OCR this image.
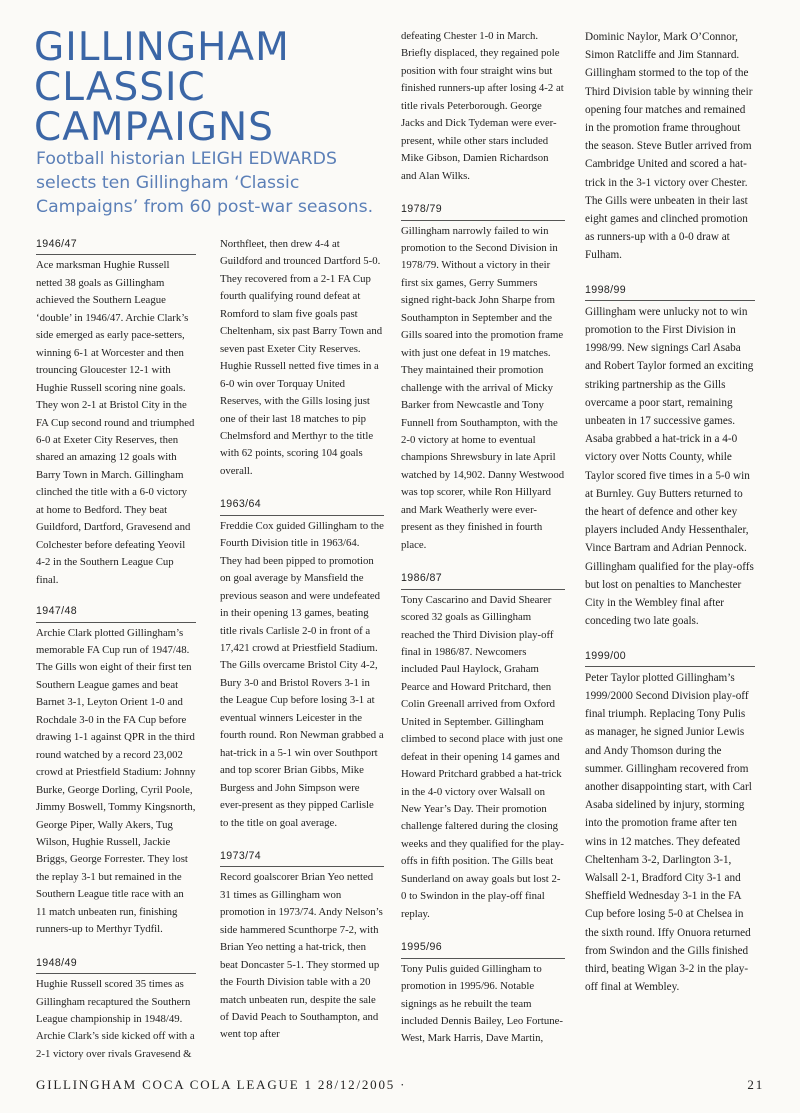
GILLINGHAM CLASSIC CAMPAIGNS

Football historian LEIGH EDWARDS selects ten Gillingham ‘Classic Campaigns’ from 60 post-war seasons.

1946/47

Ace marksman Hughie Russell netted 38 goals as Gillingham achieved the Southern League ‘double’ in 1946/47. Archie Clark’s side emerged as early pace-setters, winning 6-1 at Worcester and then trouncing Gloucester 12-1 with Hughie Russell scoring nine goals. They won 2-1 at Bristol City in the FA Cup second round and triumphed 6-0 at Exeter City Reserves, then shared an amazing 12 goals with Barry Town in March. Gillingham clinched the title with a 6-0 victory at home to Bedford. They beat Guildford, Dartford, Gravesend and Colchester before defeating Yeovil 4-2 in the Southern League Cup final.

1947/48

Archie Clark plotted Gillingham’s memorable FA Cup run of 1947/48. The Gills won eight of their first ten Southern League games and beat Barnet 3-1, Leyton Orient 1-0 and Rochdale 3-0 in the FA Cup before drawing 1-1 against QPR in the third round watched by a record 23,002 crowd at Priestfield Stadium: Johnny Burke, George Dorling, Cyril Poole, Jimmy Boswell, Tommy Kingsnorth, George Piper, Wally Akers, Tug Wilson, Hughie Russell, Jackie Briggs, George Forrester. They lost the replay 3-1 but remained in the Southern League title race with an 11 match unbeaten run, finishing runners-up to Merthyr Tydfil.

1948/49

Hughie Russell scored 35 times as Gillingham recaptured the Southern League championship in 1948/49. Archie Clark’s side kicked off with a 2-1 victory over rivals Gravesend &

Northfleet, then drew 4-4 at Guildford and trounced Dartford 5-0. They recovered from a 2-1 FA Cup fourth qualifying round defeat at Romford to slam five goals past Cheltenham, six past Barry Town and seven past Exeter City Reserves. Hughie Russell netted five times in a 6-0 win over Torquay United Reserves, with the Gills losing just one of their last 18 matches to pip Chelmsford and Merthyr to the title with 62 points, scoring 104 goals overall.

1963/64

Freddie Cox guided Gillingham to the Fourth Division title in 1963/64. They had been pipped to promotion on goal average by Mansfield the previous season and were undefeated in their opening 13 games, beating title rivals Carlisle 2-0 in front of a 17,421 crowd at Priestfield Stadium. The Gills overcame Bristol City 4-2, Bury 3-0 and Bristol Rovers 3-1 in the League Cup before losing 3-1 at eventual winners Leicester in the fourth round. Ron Newman grabbed a hat-trick in a 5-1 win over Southport and top scorer Brian Gibbs, Mike Burgess and John Simpson were ever-present as they pipped Carlisle to the title on goal average.

1973/74

Record goalscorer Brian Yeo netted 31 times as Gillingham won promotion in 1973/74. Andy Nelson’s side hammered Scunthorpe 7-2, with Brian Yeo netting a hat-trick, then beat Doncaster 5-1. They stormed up the Fourth Division table with a 20 match unbeaten run, despite the sale of David Peach to Southampton, and went top after

defeating Chester 1-0 in March. Briefly displaced, they regained pole position with four straight wins but finished runners-up after losing 4-2 at title rivals Peterborough. George Jacks and Dick Tydeman were ever-present, while other stars included Mike Gibson, Damien Richardson and Alan Wilks.

1978/79

Gillingham narrowly failed to win promotion to the Second Division in 1978/79. Without a victory in their first six games, Gerry Summers signed right-back John Sharpe from Southampton in September and the Gills soared into the promotion frame with just one defeat in 19 matches. They maintained their promotion challenge with the arrival of Micky Barker from Newcastle and Tony Funnell from Southampton, with the 2-0 victory at home to eventual champions Shrewsbury in late April watched by 14,902. Danny Westwood was top scorer, while Ron Hillyard and Mark Weatherly were ever-present as they finished in fourth place.

1986/87

Tony Cascarino and David Shearer scored 32 goals as Gillingham reached the Third Division play-off final in 1986/87. Newcomers included Paul Haylock, Graham Pearce and Howard Pritchard, then Colin Greenall arrived from Oxford United in September. Gillingham climbed to second place with just one defeat in their opening 14 games and Howard Pritchard grabbed a hat-trick in the 4-0 victory over Walsall on New Year’s Day. Their promotion challenge faltered during the closing weeks and they qualified for the play-offs in fifth position. The Gills beat Sunderland on away goals but lost 2-0 to Swindon in the play-off final replay.

1995/96

Tony Pulis guided Gillingham to promotion in 1995/96. Notable signings as he rebuilt the team included Dennis Bailey, Leo Fortune-West, Mark Harris, Dave Martin,

Dominic Naylor, Mark O’Connor, Simon Ratcliffe and Jim Stannard. Gillingham stormed to the top of the Third Division table by winning their opening four matches and remained in the promotion frame throughout the season. Steve Butler arrived from Cambridge United and scored a hat-trick in the 3-1 victory over Chester. The Gills were unbeaten in their last eight games and clinched promotion as runners-up with a 0-0 draw at Fulham.

1998/99

Gillingham were unlucky not to win promotion to the First Division in 1998/99. New signings Carl Asaba and Robert Taylor formed an exciting striking partnership as the Gills overcame a poor start, remaining unbeaten in 17 successive games. Asaba grabbed a hat-trick in a 4-0 victory over Notts County, while Taylor scored five times in a 5-0 win at Burnley. Guy Butters returned to the heart of defence and other key players included Andy Hessenthaler, Vince Bartram and Adrian Pennock. Gillingham qualified for the play-offs but lost on penalties to Manchester City in the Wembley final after conceding two late goals.

1999/00

Peter Taylor plotted Gillingham’s 1999/2000 Second Division play-off final triumph. Replacing Tony Pulis as manager, he signed Junior Lewis and Andy Thomson during the summer. Gillingham recovered from another disappointing start, with Carl Asaba sidelined by injury, storming into the promotion frame after ten wins in 12 matches. They defeated Cheltenham 3-2, Darlington 3-1, Walsall 2-1, Bradford City 3-1 and Sheffield Wednesday 3-1 in the FA Cup before losing 5-0 at Chelsea in the sixth round. Iffy Onuora returned from Swindon and the Gills finished third, beating Wigan 3-2 in the play-off final at Wembley.

GILLINGHAM COCA COLA LEAGUE 1 28/12/2005 ·	21
